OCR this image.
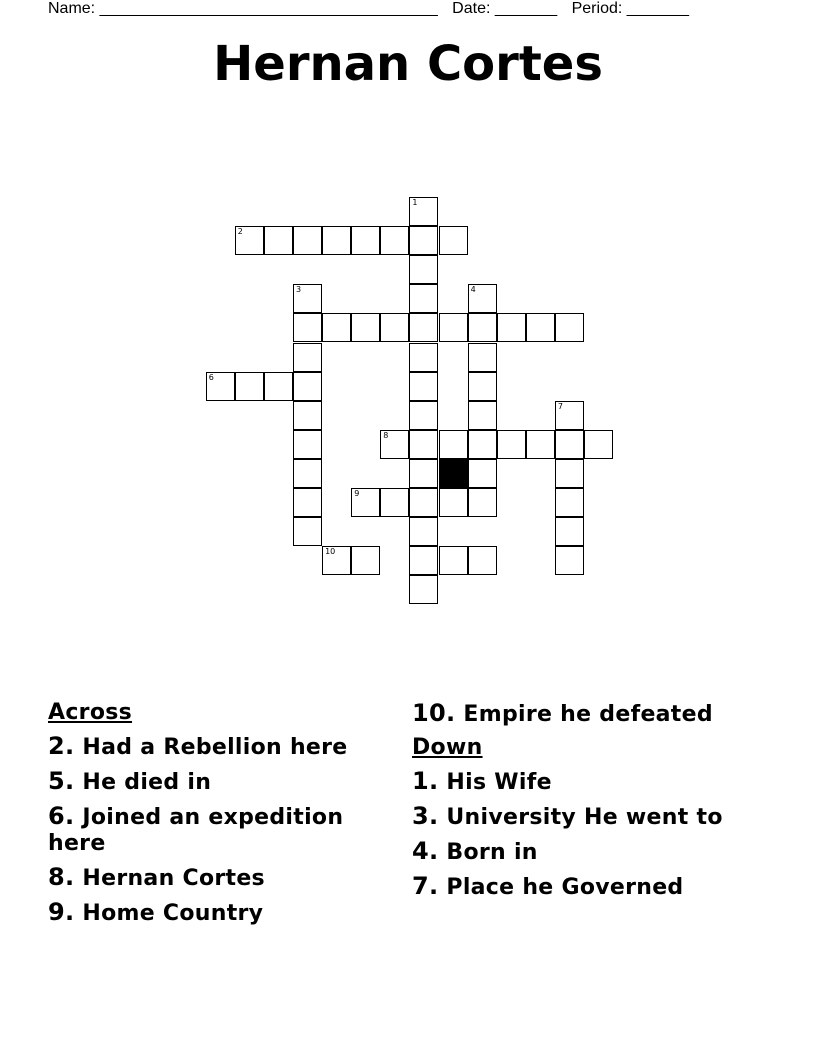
Name: ______________________________________ Date: _______ Period: _______
Hernan Cortes
1
2
4
3
6
7
8
9
10
Across
2. Had a Rebellion here
5. He died in
6. Joined an expedition here
8. Hernan Cortes
9. Home Country
10. Empire he defeated
Down
1. His Wife
3. University He went to
4. Born in
7. Place he Governed
